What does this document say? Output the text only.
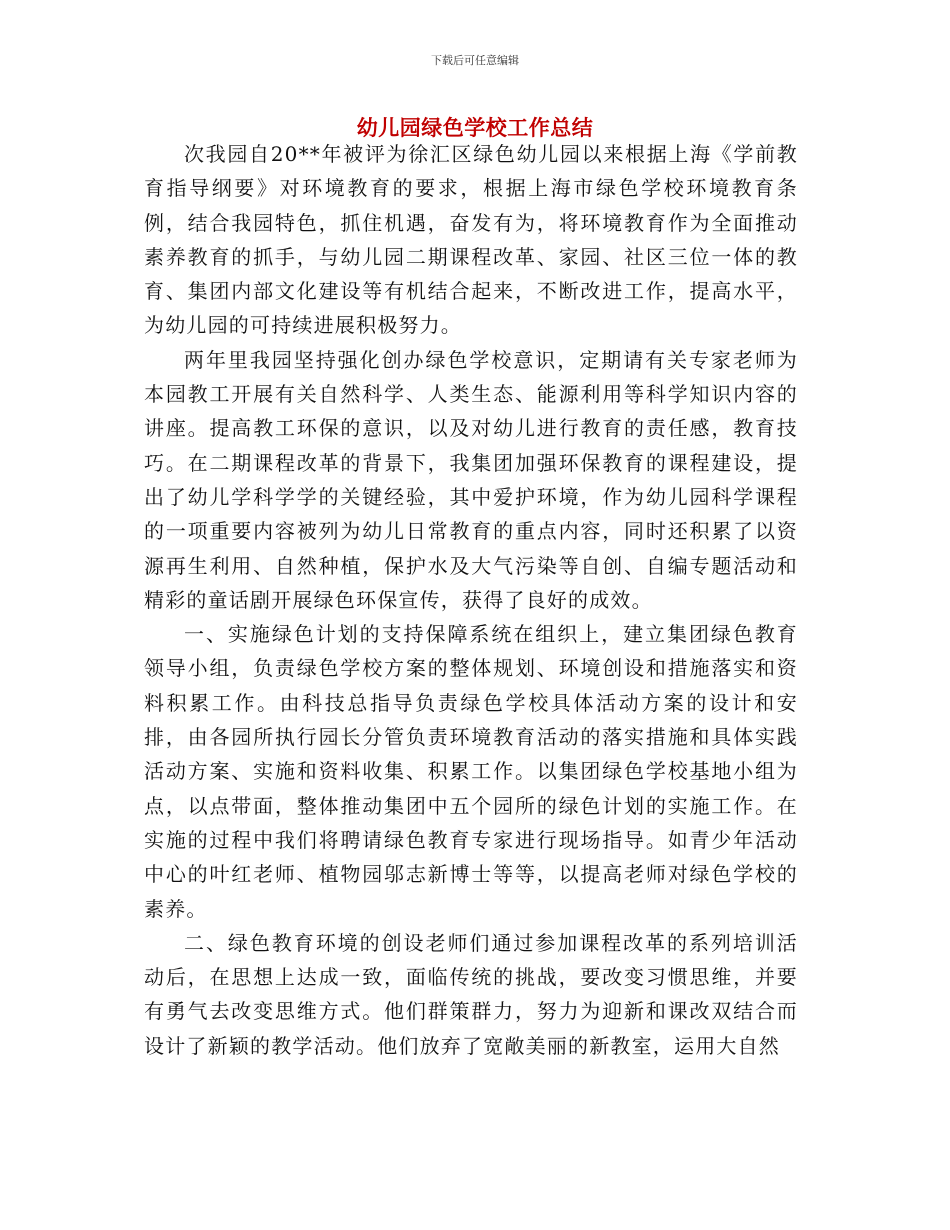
下载后可任意编辑
幼儿园绿色学校工作总结

次我园自20**年被评为徐汇区绿色幼儿园以来根据上海《学前教育指导纲要》对环境教育的要求，根据上海市绿色学校环境教育条例，结合我园特色，抓住机遇，奋发有为，将环境教育作为全面推动素养教育的抓手，与幼儿园二期课程改革、家园、社区三位一体的教育、集团内部文化建设等有机结合起来，不断改进工作，提高水平，为幼儿园的可持续进展积极努力。

两年里我园坚持强化创办绿色学校意识，定期请有关专家老师为本园教工开展有关自然科学、人类生态、能源利用等科学知识内容的讲座。提高教工环保的意识，以及对幼儿进行教育的责任感，教育技巧。在二期课程改革的背景下，我集团加强环保教育的课程建设，提出了幼儿学科学学的关键经验，其中爱护环境，作为幼儿园科学课程的一项重要内容被列为幼儿日常教育的重点内容，同时还积累了以资源再生利用、自然种植，保护水及大气污染等自创、自编专题活动和精彩的童话剧开展绿色环保宣传，获得了良好的成效。

一、实施绿色计划的支持保障系统在组织上，建立集团绿色教育领导小组，负责绿色学校方案的整体规划、环境创设和措施落实和资料积累工作。由科技总指导负责绿色学校具体活动方案的设计和安排，由各园所执行园长分管负责环境教育活动的落实措施和具体实践活动方案、实施和资料收集、积累工作。以集团绿色学校基地小组为点，以点带面，整体推动集团中五个园所的绿色计划的实施工作。在实施的过程中我们将聘请绿色教育专家进行现场指导。如青少年活动中心的叶红老师、植物园邬志新博士等等，以提高老师对绿色学校的素养。

二、绿色教育环境的创设老师们通过参加课程改革的系列培训活动后，在思想上达成一致，面临传统的挑战，要改变习惯思维，并要有勇气去改变思维方式。他们群策群力，努力为迎新和课改双结合而设计了新颖的教学活动。他们放弃了宽敞美丽的新教室，运用大自然
